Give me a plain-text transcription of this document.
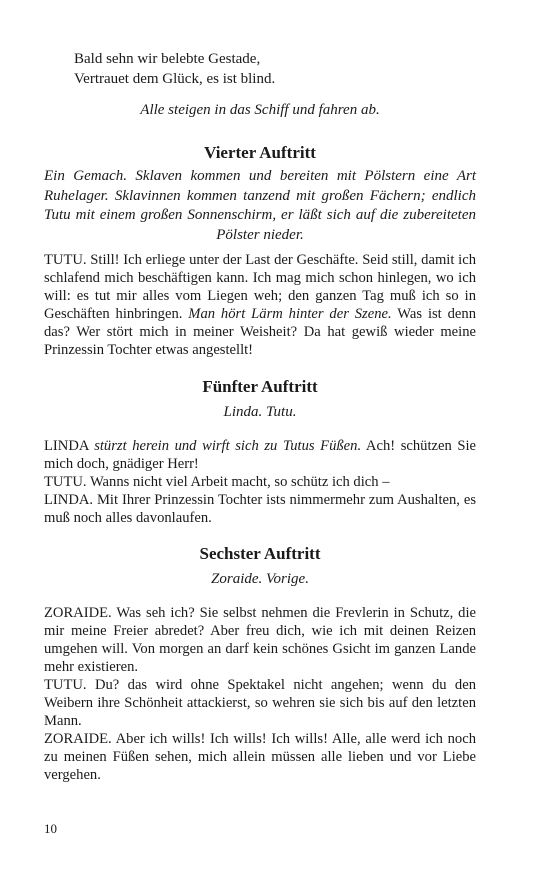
Bald sehn wir belebte Gestade,
Vertrauet dem Glück, es ist blind.
Alle steigen in das Schiff und fahren ab.
Vierter Auftritt
Ein Gemach. Sklaven kommen und bereiten mit Pölstern eine Art Ruhelager. Sklavinnen kommen tanzend mit großen Fächern; endlich Tutu mit einem großen Sonnenschirm, er läßt sich auf die zubereiteten Pölster nieder.

TUTU. Still! Ich erliege unter der Last der Geschäfte. Seid still, damit ich schlafend mich beschäftigen kann. Ich mag mich schon hinlegen, wo ich will: es tut mir alles vom Liegen weh; den ganzen Tag muß ich so in Geschäften hinbringen. Man hört Lärm hinter der Szene. Was ist denn das? Wer stört mich in meiner Weisheit? Da hat gewiß wieder meine Prinzessin Tochter etwas angestellt!

Fünfter Auftritt
Linda. Tutu.

LINDA stürzt herein und wirft sich zu Tutus Füßen. Ach! schützen Sie mich doch, gnädiger Herr!

TUTU. Wanns nicht viel Arbeit macht, so schütz ich dich –

LINDA. Mit Ihrer Prinzessin Tochter ists nimmermehr zum Aushalten, es muß noch alles davonlaufen.

Sechster Auftritt
Zoraide. Vorige.

ZORAIDE. Was seh ich? Sie selbst nehmen die Frevlerin in Schutz, die mir meine Freier abredet? Aber freu dich, wie ich mit deinen Reizen umgehen will. Von morgen an darf kein schönes Gsicht im ganzen Lande mehr existieren.

TUTU. Du? das wird ohne Spektakel nicht angehen; wenn du den Weibern ihre Schönheit attackierst, so wehren sie sich bis auf den letzten Mann.

ZORAIDE. Aber ich wills! Ich wills! Ich wills! Alle, alle werd ich noch zu meinen Füßen sehen, mich allein müssen alle lieben und vor Liebe vergehen.

10
